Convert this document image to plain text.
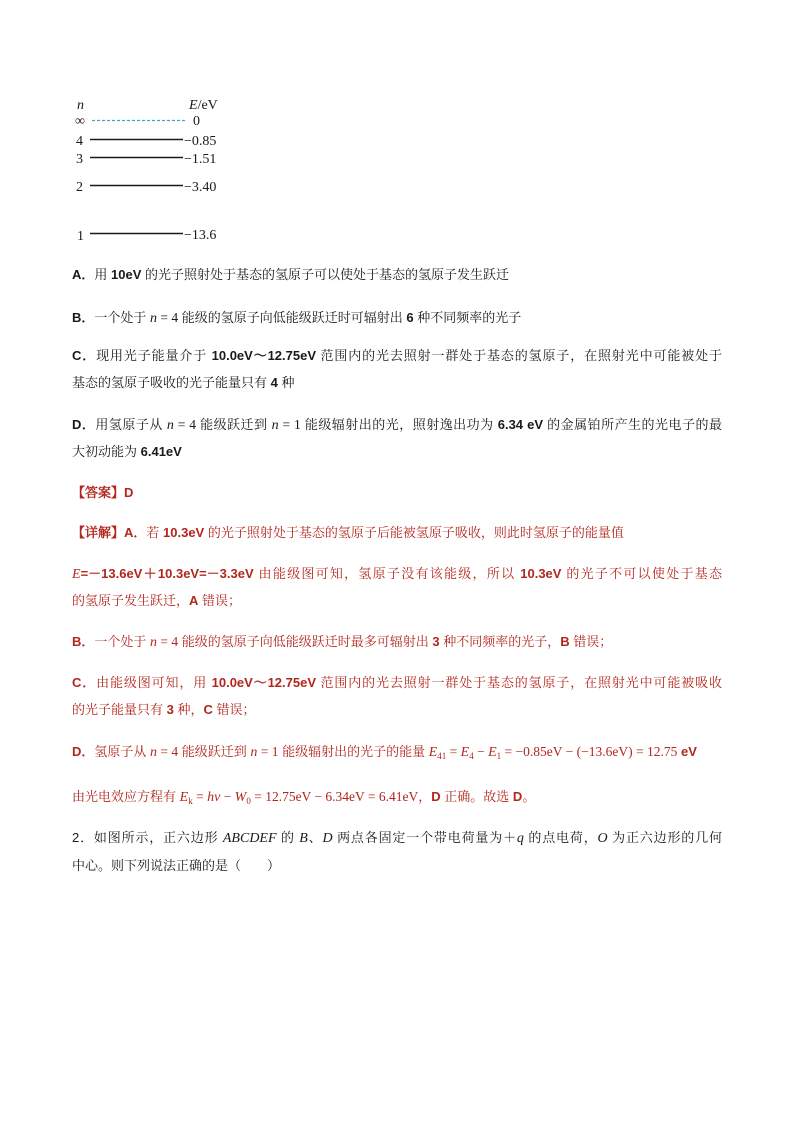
n	E/eV
∞	0
4	−0.85
3	−1.51
2	−3.40
1	−13.6
A．用 10eV 的光子照射处于基态的氢原子可以使处于基态的氢原子发生跃迁
B．一个处于 n = 4 能级的氢原子向低能级跃迁时可辐射出 6 种不同频率的光子
C．现用光子能量介于 10.0eV～12.75eV 范围内的光去照射一群处于基态的氢原子，在照射光中可能被处于
基态的氢原子吸收的光子能量只有 4 种
D．用氢原子从 n = 4 能级跃迁到 n = 1 能级辐射出的光，照射逸出功为 6.34 eV 的金属铂所产生的光电子的最
大初动能为 6.41eV
【答案】D
【详解】A．若 10.3eV 的光子照射处于基态的氢原子后能被氢原子吸收，则此时氢原子的能量值
E=－13.6eV＋10.3eV=－3.3eV 由能级图可知，氢原子没有该能级，所以 10.3eV 的光子不可以使处于基态
的氢原子发生跃迁，A 错误；
B．一个处于 n = 4 能级的氢原子向低能级跃迁时最多可辐射出 3 种不同频率的光子，B 错误；
C．由能级图可知，用 10.0eV～12.75eV 范围内的光去照射一群处于基态的氢原子，在照射光中可能被吸收
的光子能量只有 3 种，C 错误；
D．氢原子从 n = 4 能级跃迁到 n = 1 能级辐射出的光子的能量 $E_{41} = E_4 - E_1 = -0.85eV - (-13.6eV) = 12.75$ eV
由光电效应方程有 $E_k = h\nu - W_0 = 12.75eV - 6.34eV = 6.41eV$，D 正确。故选 D。
2．如图所示，正六边形 ABCDEF 的 B、D 两点各固定一个带电荷量为＋q 的点电荷，O 为正六边形的几何
中心。则下列说法正确的是（　　）
